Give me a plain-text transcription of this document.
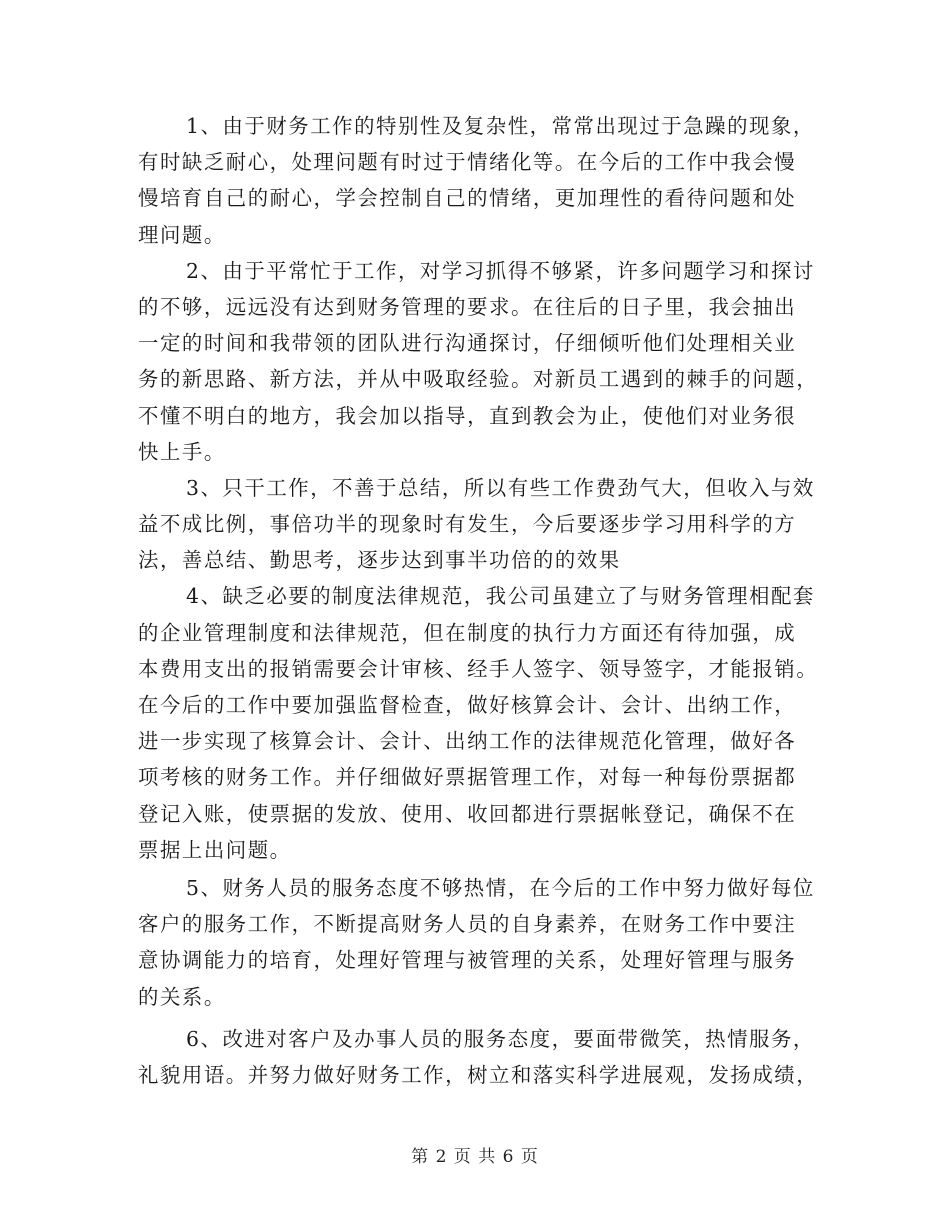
1、由于财务工作的特别性及复杂性，常常出现过于急躁的现象，
有时缺乏耐心，处理问题有时过于情绪化等。在今后的工作中我会慢
慢培育自己的耐心，学会控制自己的情绪，更加理性的看待问题和处
理问题。
2、由于平常忙于工作，对学习抓得不够紧，许多问题学习和探讨
的不够，远远没有达到财务管理的要求。在往后的日子里，我会抽出
一定的时间和我带领的团队进行沟通探讨，仔细倾听他们处理相关业
务的新思路、新方法，并从中吸取经验。对新员工遇到的棘手的问题，
不懂不明白的地方，我会加以指导，直到教会为止，使他们对业务很
快上手。
3、只干工作，不善于总结，所以有些工作费劲气大，但收入与效
益不成比例，事倍功半的现象时有发生，今后要逐步学习用科学的方
法，善总结、勤思考，逐步达到事半功倍的的效果
4、缺乏必要的制度法律规范，我公司虽建立了与财务管理相配套
的企业管理制度和法律规范，但在制度的执行力方面还有待加强，成
本费用支出的报销需要会计审核、经手人签字、领导签字，才能报销。
在今后的工作中要加强监督检查，做好核算会计、会计、出纳工作，
进一步实现了核算会计、会计、出纳工作的法律规范化管理，做好各
项考核的财务工作。并仔细做好票据管理工作，对每一种每份票据都
登记入账，使票据的发放、使用、收回都进行票据帐登记，确保不在
票据上出问题。
5、财务人员的服务态度不够热情，在今后的工作中努力做好每位
客户的服务工作，不断提高财务人员的自身素养，在财务工作中要注
意协调能力的培育，处理好管理与被管理的关系，处理好管理与服务
的关系。
6、改进对客户及办事人员的服务态度，要面带微笑，热情服务，
礼貌用语。并努力做好财务工作，树立和落实科学进展观，发扬成绩，
第 2 页 共 6 页
